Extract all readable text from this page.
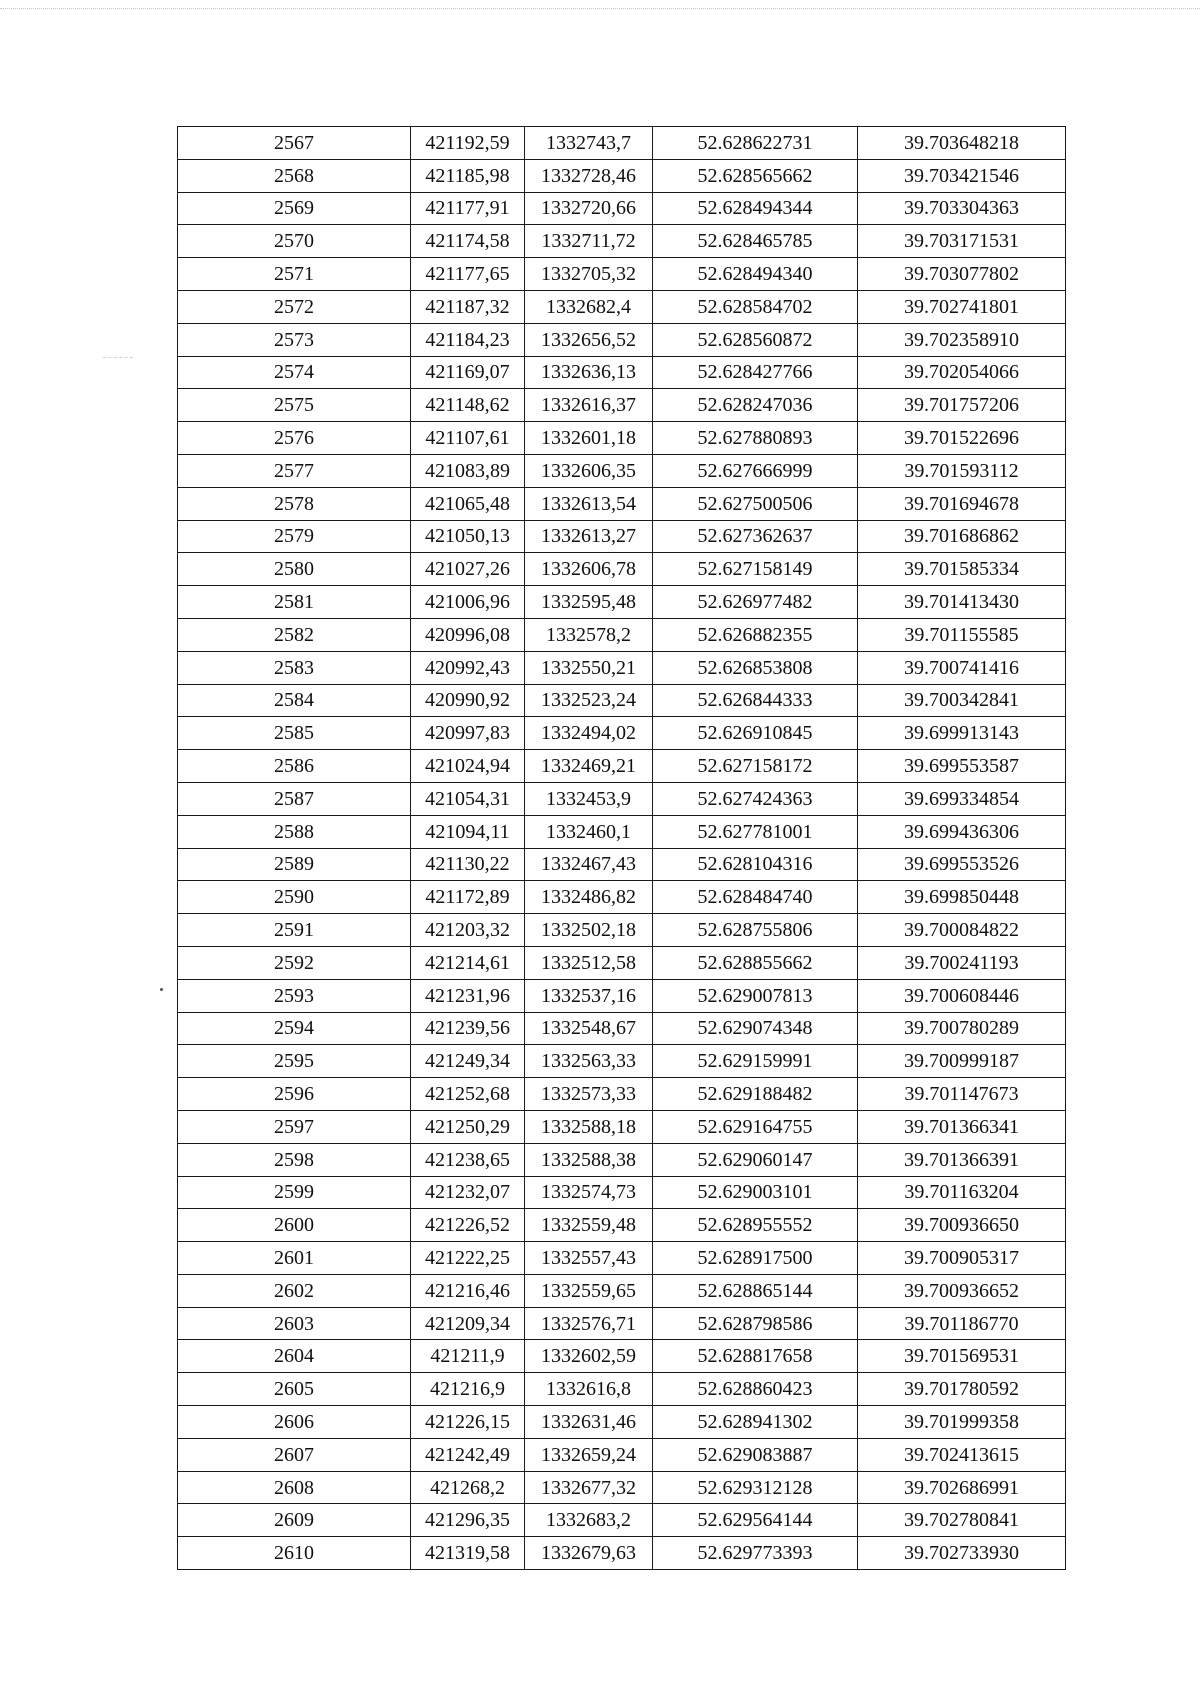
2567	421192,59	1332743,7	52.628622731	39.703648218
2568	421185,98	1332728,46	52.628565662	39.703421546
2569	421177,91	1332720,66	52.628494344	39.703304363
2570	421174,58	1332711,72	52.628465785	39.703171531
2571	421177,65	1332705,32	52.628494340	39.703077802
2572	421187,32	1332682,4	52.628584702	39.702741801
2573	421184,23	1332656,52	52.628560872	39.702358910
2574	421169,07	1332636,13	52.628427766	39.702054066
2575	421148,62	1332616,37	52.628247036	39.701757206
2576	421107,61	1332601,18	52.627880893	39.701522696
2577	421083,89	1332606,35	52.627666999	39.701593112
2578	421065,48	1332613,54	52.627500506	39.701694678
2579	421050,13	1332613,27	52.627362637	39.701686862
2580	421027,26	1332606,78	52.627158149	39.701585334
2581	421006,96	1332595,48	52.626977482	39.701413430
2582	420996,08	1332578,2	52.626882355	39.701155585
2583	420992,43	1332550,21	52.626853808	39.700741416
2584	420990,92	1332523,24	52.626844333	39.700342841
2585	420997,83	1332494,02	52.626910845	39.699913143
2586	421024,94	1332469,21	52.627158172	39.699553587
2587	421054,31	1332453,9	52.627424363	39.699334854
2588	421094,11	1332460,1	52.627781001	39.699436306
2589	421130,22	1332467,43	52.628104316	39.699553526
2590	421172,89	1332486,82	52.628484740	39.699850448
2591	421203,32	1332502,18	52.628755806	39.700084822
2592	421214,61	1332512,58	52.628855662	39.700241193
2593	421231,96	1332537,16	52.629007813	39.700608446
2594	421239,56	1332548,67	52.629074348	39.700780289
2595	421249,34	1332563,33	52.629159991	39.700999187
2596	421252,68	1332573,33	52.629188482	39.701147673
2597	421250,29	1332588,18	52.629164755	39.701366341
2598	421238,65	1332588,38	52.629060147	39.701366391
2599	421232,07	1332574,73	52.629003101	39.701163204
2600	421226,52	1332559,48	52.628955552	39.700936650
2601	421222,25	1332557,43	52.628917500	39.700905317
2602	421216,46	1332559,65	52.628865144	39.700936652
2603	421209,34	1332576,71	52.628798586	39.701186770
2604	421211,9	1332602,59	52.628817658	39.701569531
2605	421216,9	1332616,8	52.628860423	39.701780592
2606	421226,15	1332631,46	52.628941302	39.701999358
2607	421242,49	1332659,24	52.629083887	39.702413615
2608	421268,2	1332677,32	52.629312128	39.702686991
2609	421296,35	1332683,2	52.629564144	39.702780841
2610	421319,58	1332679,63	52.629773393	39.702733930
